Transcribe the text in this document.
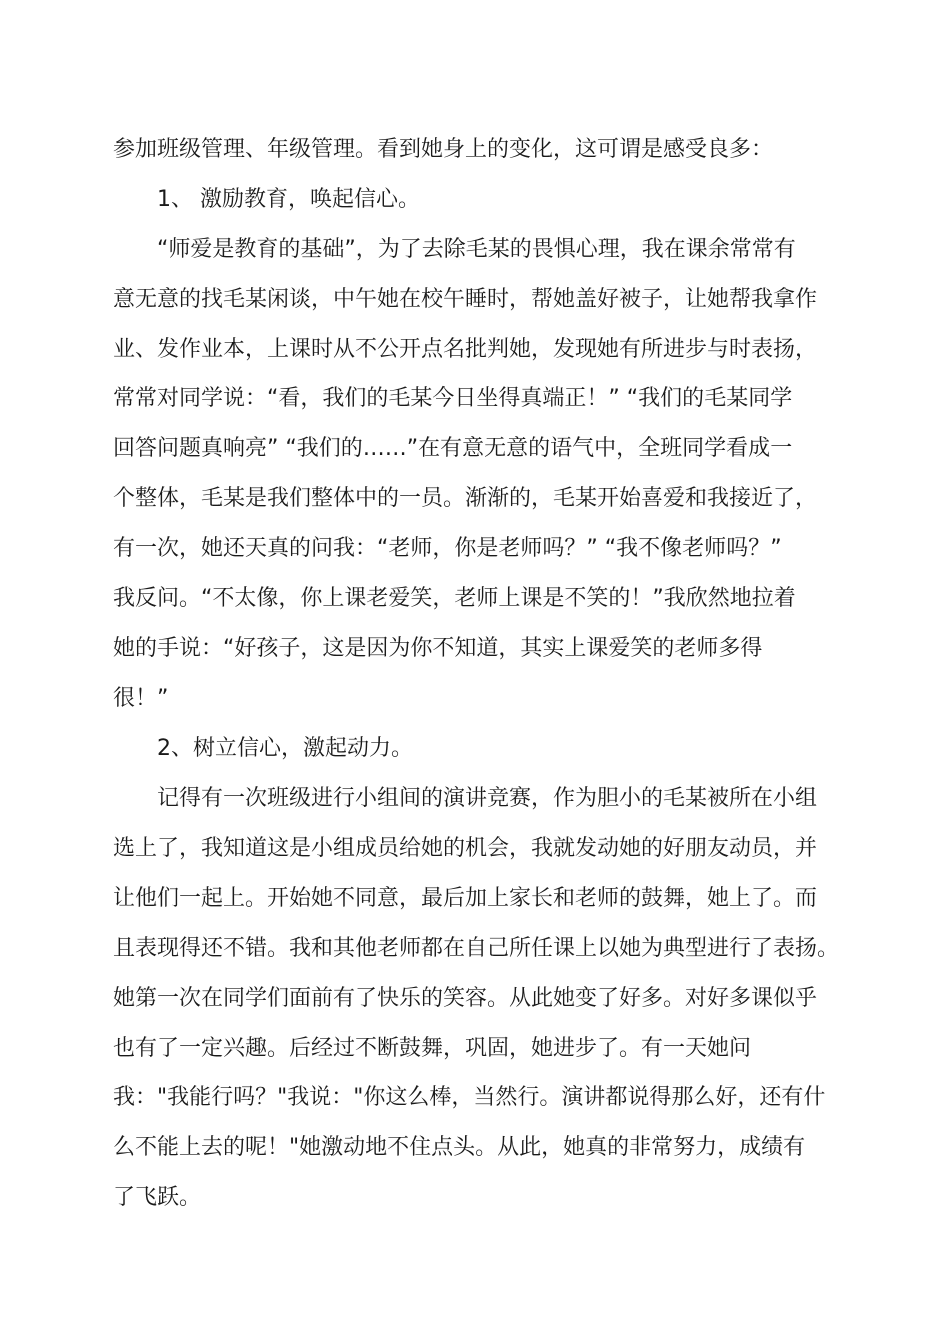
参加班级管理、年级管理。看到她身上的变化，这可谓是感受良多：
1、 激励教育，唤起信心。
“师爱是教育的基础”，为了去除毛某的畏惧心理，我在课余常常有
意无意的找毛某闲谈，中午她在校午睡时，帮她盖好被子，让她帮我拿作
业、发作业本，上课时从不公开点名批判她，发现她有所进步与时表扬，
常常对同学说：“看，我们的毛某今日坐得真端正！” “我们的毛某同学
回答问题真响亮” “我们的……”在有意无意的语气中，全班同学看成一
个整体，毛某是我们整体中的一员。渐渐的，毛某开始喜爱和我接近了，
有一次，她还天真的问我：“老师，你是老师吗？” “我不像老师吗？”
我反问。“不太像，你上课老爱笑，老师上课是不笑的！”我欣然地拉着
她的手说：“好孩子，这是因为你不知道，其实上课爱笑的老师多得
很！”
2、树立信心，激起动力。
记得有一次班级进行小组间的演讲竞赛，作为胆小的毛某被所在小组
选上了，我知道这是小组成员给她的机会，我就发动她的好朋友动员，并
让他们一起上。开始她不同意，最后加上家长和老师的鼓舞，她上了。而
且表现得还不错。我和其他老师都在自己所任课上以她为典型进行了表扬。
她第一次在同学们面前有了快乐的笑容。从此她变了好多。对好多课似乎
也有了一定兴趣。后经过不断鼓舞，巩固，她进步了。有一天她问
我："我能行吗？"我说："你这么棒，当然行。演讲都说得那么好，还有什
么不能上去的呢！"她激动地不住点头。从此，她真的非常努力，成绩有
了飞跃。
